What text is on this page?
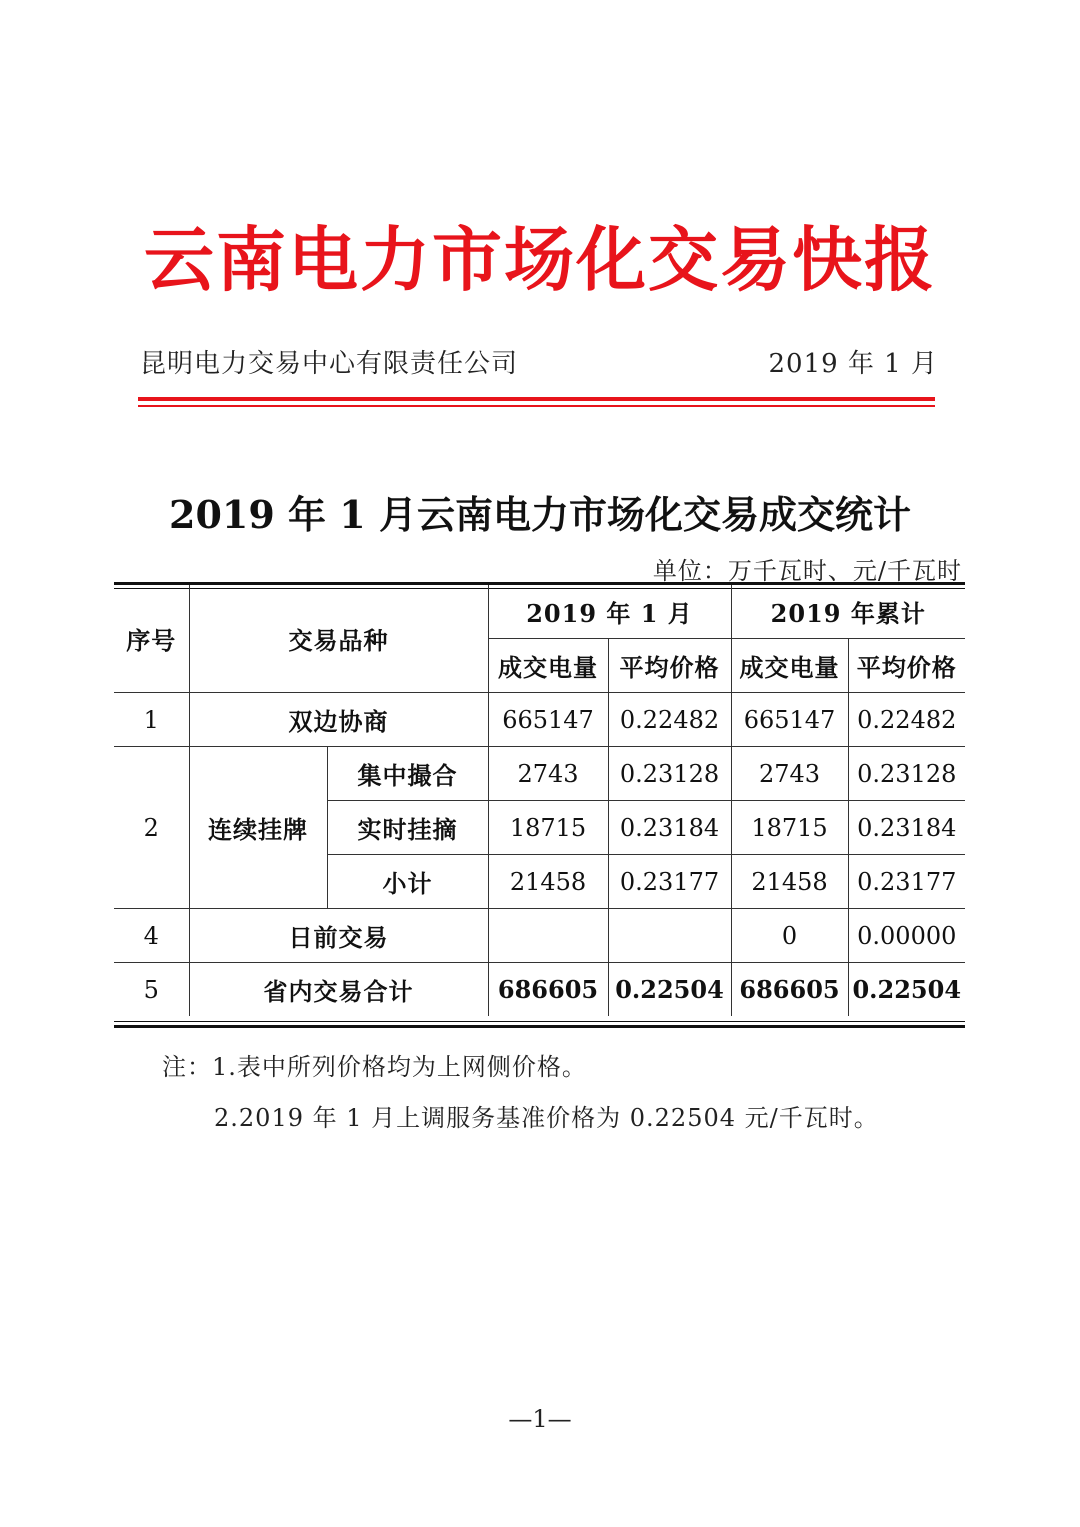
云南电力市场化交易快报
昆明电力交易中心有限责任公司	2019 年 1 月
2019 年 1 月云南电力市场化交易成交统计
单位：万千瓦时、元/千瓦时
序号	交易品种		2019 年 1 月		2019 年累计	
			成交电量	平均价格	成交电量	平均价格
1	双边协商		665147	0.22482	665147	0.22482
2	连续挂牌	集中撮合	2743	0.23128	2743	0.23128
		实时挂摘	18715	0.23184	18715	0.23184
		小计	21458	0.23177	21458	0.23177
4	日前交易				0	0.00000
5	省内交易合计		686605	0.22504	686605	0.22504
注：1.表中所列价格均为上网侧价格。
2.2019 年 1 月上调服务基准价格为 0.22504 元/千瓦时。
—1—
